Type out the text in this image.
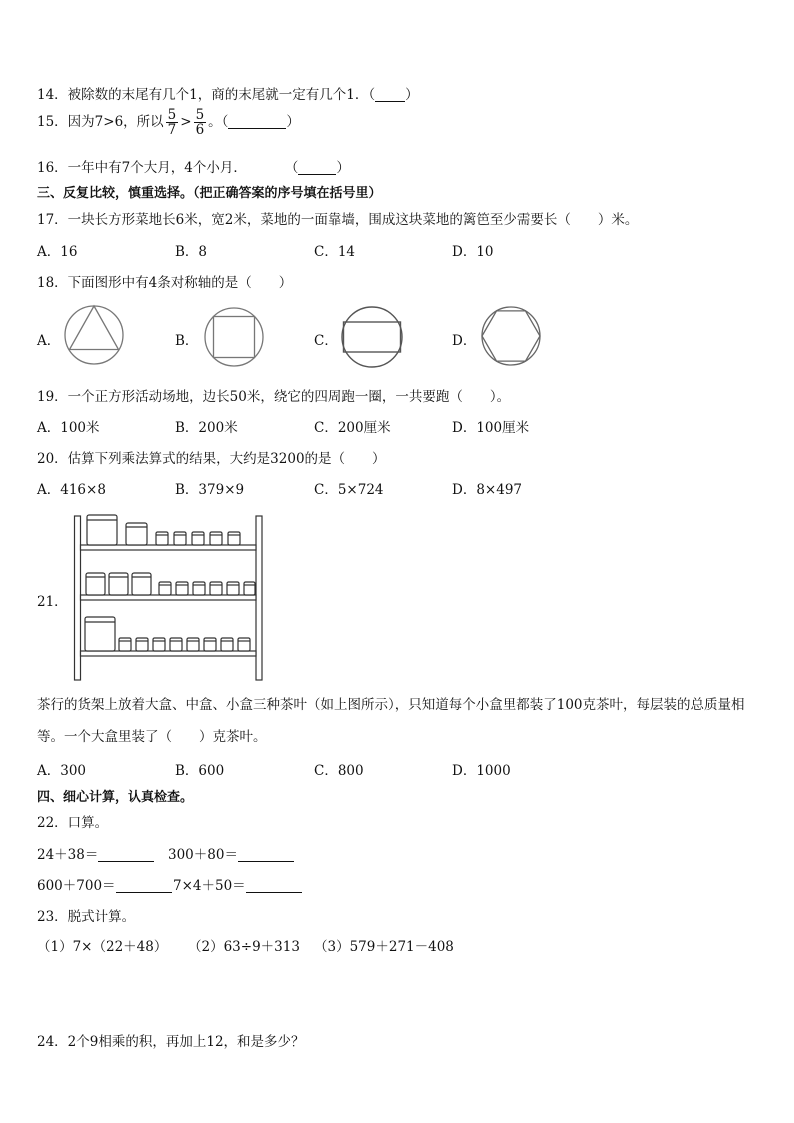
14．被除数的末尾有几个1，商的末尾就一定有几个1．（ ）
15．因为7>6，所以 $\frac{5}{7} > \frac{5}{6}$ 。（	）
16．一年中有7个大月，4个小月．	（	）
三、反复比较，慎重选择。（把正确答案的序号填在括号里）
17．一块长方形菜地长6米，宽2米，菜地的一面靠墙，围成这块菜地的篱笆至少需要长（　　）米。
A．16	B．8	C．14	D．10
18．下面图形中有4条对称轴的是（　　）
A．	B．	C．	D．
19．一个正方形活动场地，边长50米，绕它的四周跑一圈，一共要跑（　　）。
A．100米	B．200米	C．200厘米	D．100厘米
20．估算下列乘法算式的结果，大约是3200的是（　　）
A．416×8	B．379×9	C．5×724	D．8×497
21．
茶行的货架上放着大盒、中盒、小盒三种茶叶（如上图所示），只知道每个小盒里都装了100克茶叶，每层装的总质量相等。一个大盒里装了（　　）克茶叶。
A．300	B．600	C．800	D．1000
四、细心计算，认真检查。
22．口算。
24＋38＝	300＋80＝
600＋700＝	7×4＋50＝
23．脱式计算。
（1）7×（22＋48） （2）63÷9＋313 （3）579＋271－408
24．2个9相乘的积，再加上12，和是多少？
